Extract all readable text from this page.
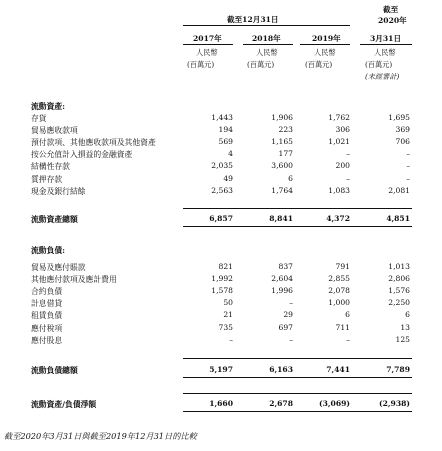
截至12月31日
截至
2020年
2017年	2018年	2019年	3月31日
人民幣	人民幣	人民幣	人民幣
(百萬元)	(百萬元)	(百萬元)	(百萬元)
(未經審計)
流動資產:
存貨	1,443	1,906	1,762	1,695
貿易應收款項	194	223	306	369
預付款項、其他應收款項及其他資產	569	1,165	1,021	706
按公允值計入損益的金融資產	4	177	–	–
結構性存款	2,035	3,600	200	–
質押存款	49	6	–	–
現金及銀行結餘	2,563	1,764	1,083	2,081
流動資產總額	6,857	8,841	4,372	4,851
流動負債:
貿易及應付賬款	821	837	791	1,013
其他應付款項及應計費用	1,992	2,604	2,855	2,806
合約負債	1,578	1,996	2,078	1,576
計息借貸	50	–	1,000	2,250
租賃負債	21	29	6	6
應付稅項	735	697	711	13
應付股息	–	–	–	125
流動負債總額	5,197	6,163	7,441	7,789
流動資產/負債淨額	1,660	2,678	(3,069)	(2,938)
截至2020年3月31日與截至2019年12月31日的比較
